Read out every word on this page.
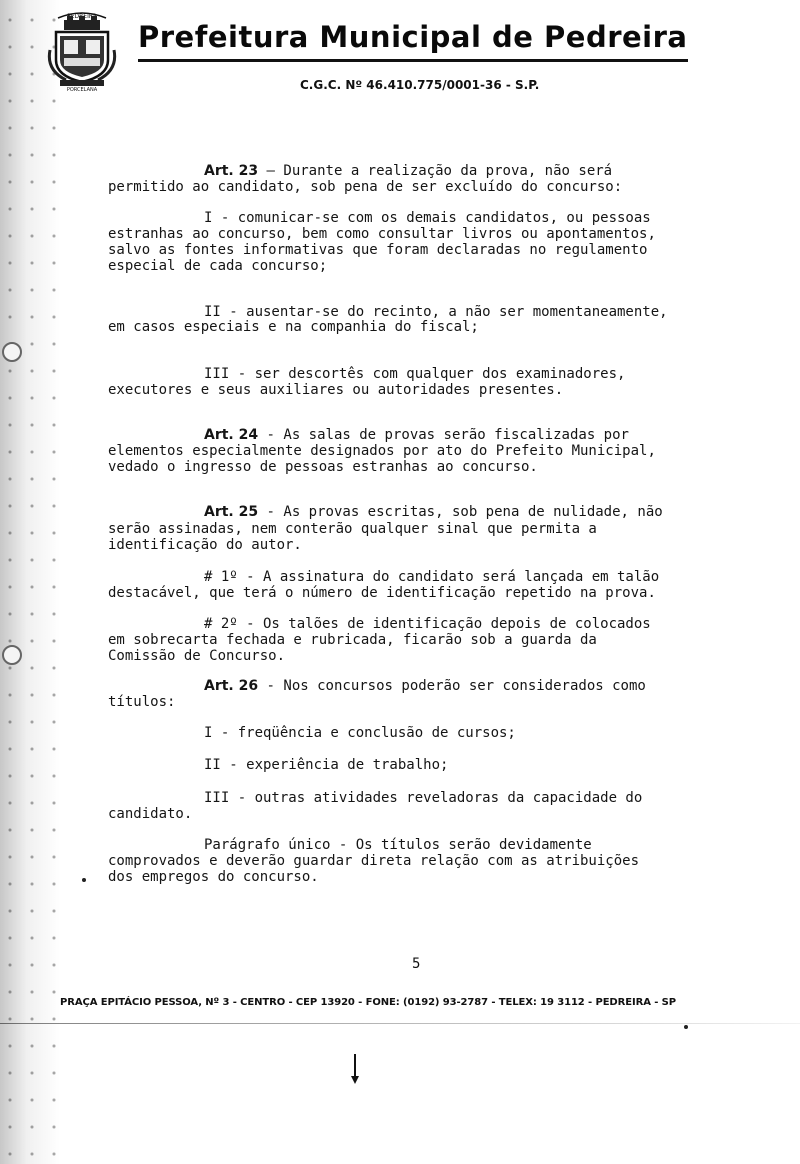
PORCELANA
Prefeitura Municipal de Pedreira
C.G.C. Nº 46.410.775/0001-36 - S.P.
Art. 23 — Durante a realização da prova, não será
permitido ao candidato, sob pena de ser excluído do concurso:
I - comunicar-se com os demais candidatos, ou pessoas
estranhas ao concurso, bem como consultar livros ou apontamentos,
salvo as fontes informativas que foram declaradas no regulamento
especial de cada concurso;
II - ausentar-se do recinto, a não ser momentaneamente,
em casos especiais e na companhia do fiscal;
III - ser descortês com qualquer dos examinadores,
executores e seus auxiliares ou autoridades presentes.
Art. 24 - As salas de provas serão fiscalizadas por
elementos especialmente designados por ato do Prefeito Municipal,
vedado o ingresso de pessoas estranhas ao concurso.
Art. 25 - As provas escritas, sob pena de nulidade, não
serão assinadas, nem conterão qualquer sinal que permita a
identificação do autor.
# 1º - A assinatura do candidato será lançada em talão
destacável, que terá o número de identificação repetido na prova.
# 2º - Os talões de identificação depois de colocados
em sobrecarta fechada e rubricada, ficarão sob a guarda da
Comissão de Concurso.
Art. 26 - Nos concursos poderão ser considerados como
títulos:
I - freqüência e conclusão de cursos;
II - experiência de trabalho;
III - outras atividades reveladoras da capacidade do
candidato.
Parágrafo único - Os títulos serão devidamente
comprovados e deverão guardar direta relação com as atribuições
dos empregos do concurso.
5
PRAÇA EPITÁCIO PESSOA, Nº 3 - CENTRO - CEP 13920 - FONE: (0192) 93-2787 - TELEX: 19 3112 - PEDREIRA - SP
